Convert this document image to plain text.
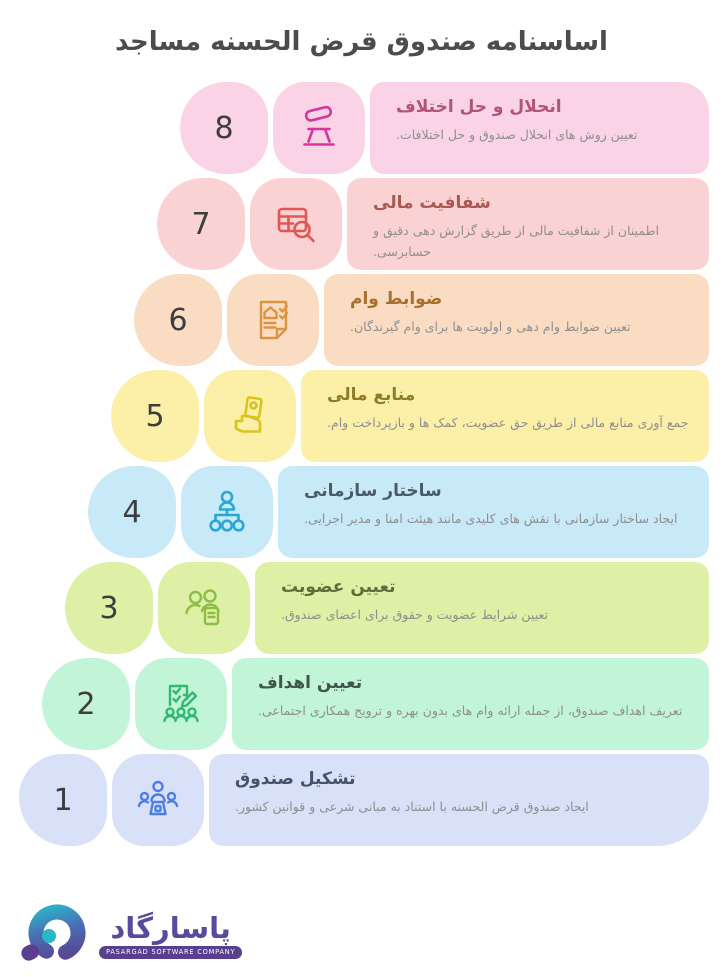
اساسنامه صندوق قرض الحسنه مساجد
8
انحلال و حل اختلاف
تعیین روش های انحلال صندوق و حل اختلافات.
7
شفافیت مالی
اطمینان از شفافیت مالی از طریق گزارش دهی دقیق و حسابرسی.
6
ضوابط وام
تعیین ضوابط وام دهی و اولویت ها برای وام گیرندگان.
5
منابع مالی
جمع آوری منابع مالی از طریق حق عضویت، کمک ها و بازپرداخت وام.
4
ساختار سازمانی
ایجاد ساختار سازمانی با نقش های کلیدی مانند هیئت امنا و مدیر اجرایی.
3
تعیین عضویت
تعیین شرایط عضویت و حقوق برای اعضای صندوق.
2
تعیین اهداف
تعریف اهداف صندوق، از جمله ارائه وام های بدون بهره و ترویج همکاری اجتماعی.
1
تشکیل صندوق
ایجاد صندوق قرض الحسنه با استناد به مبانی شرعی و قوانین کشور.
پاسارگاد
PASARGAD SOFTWARE COMPANY
